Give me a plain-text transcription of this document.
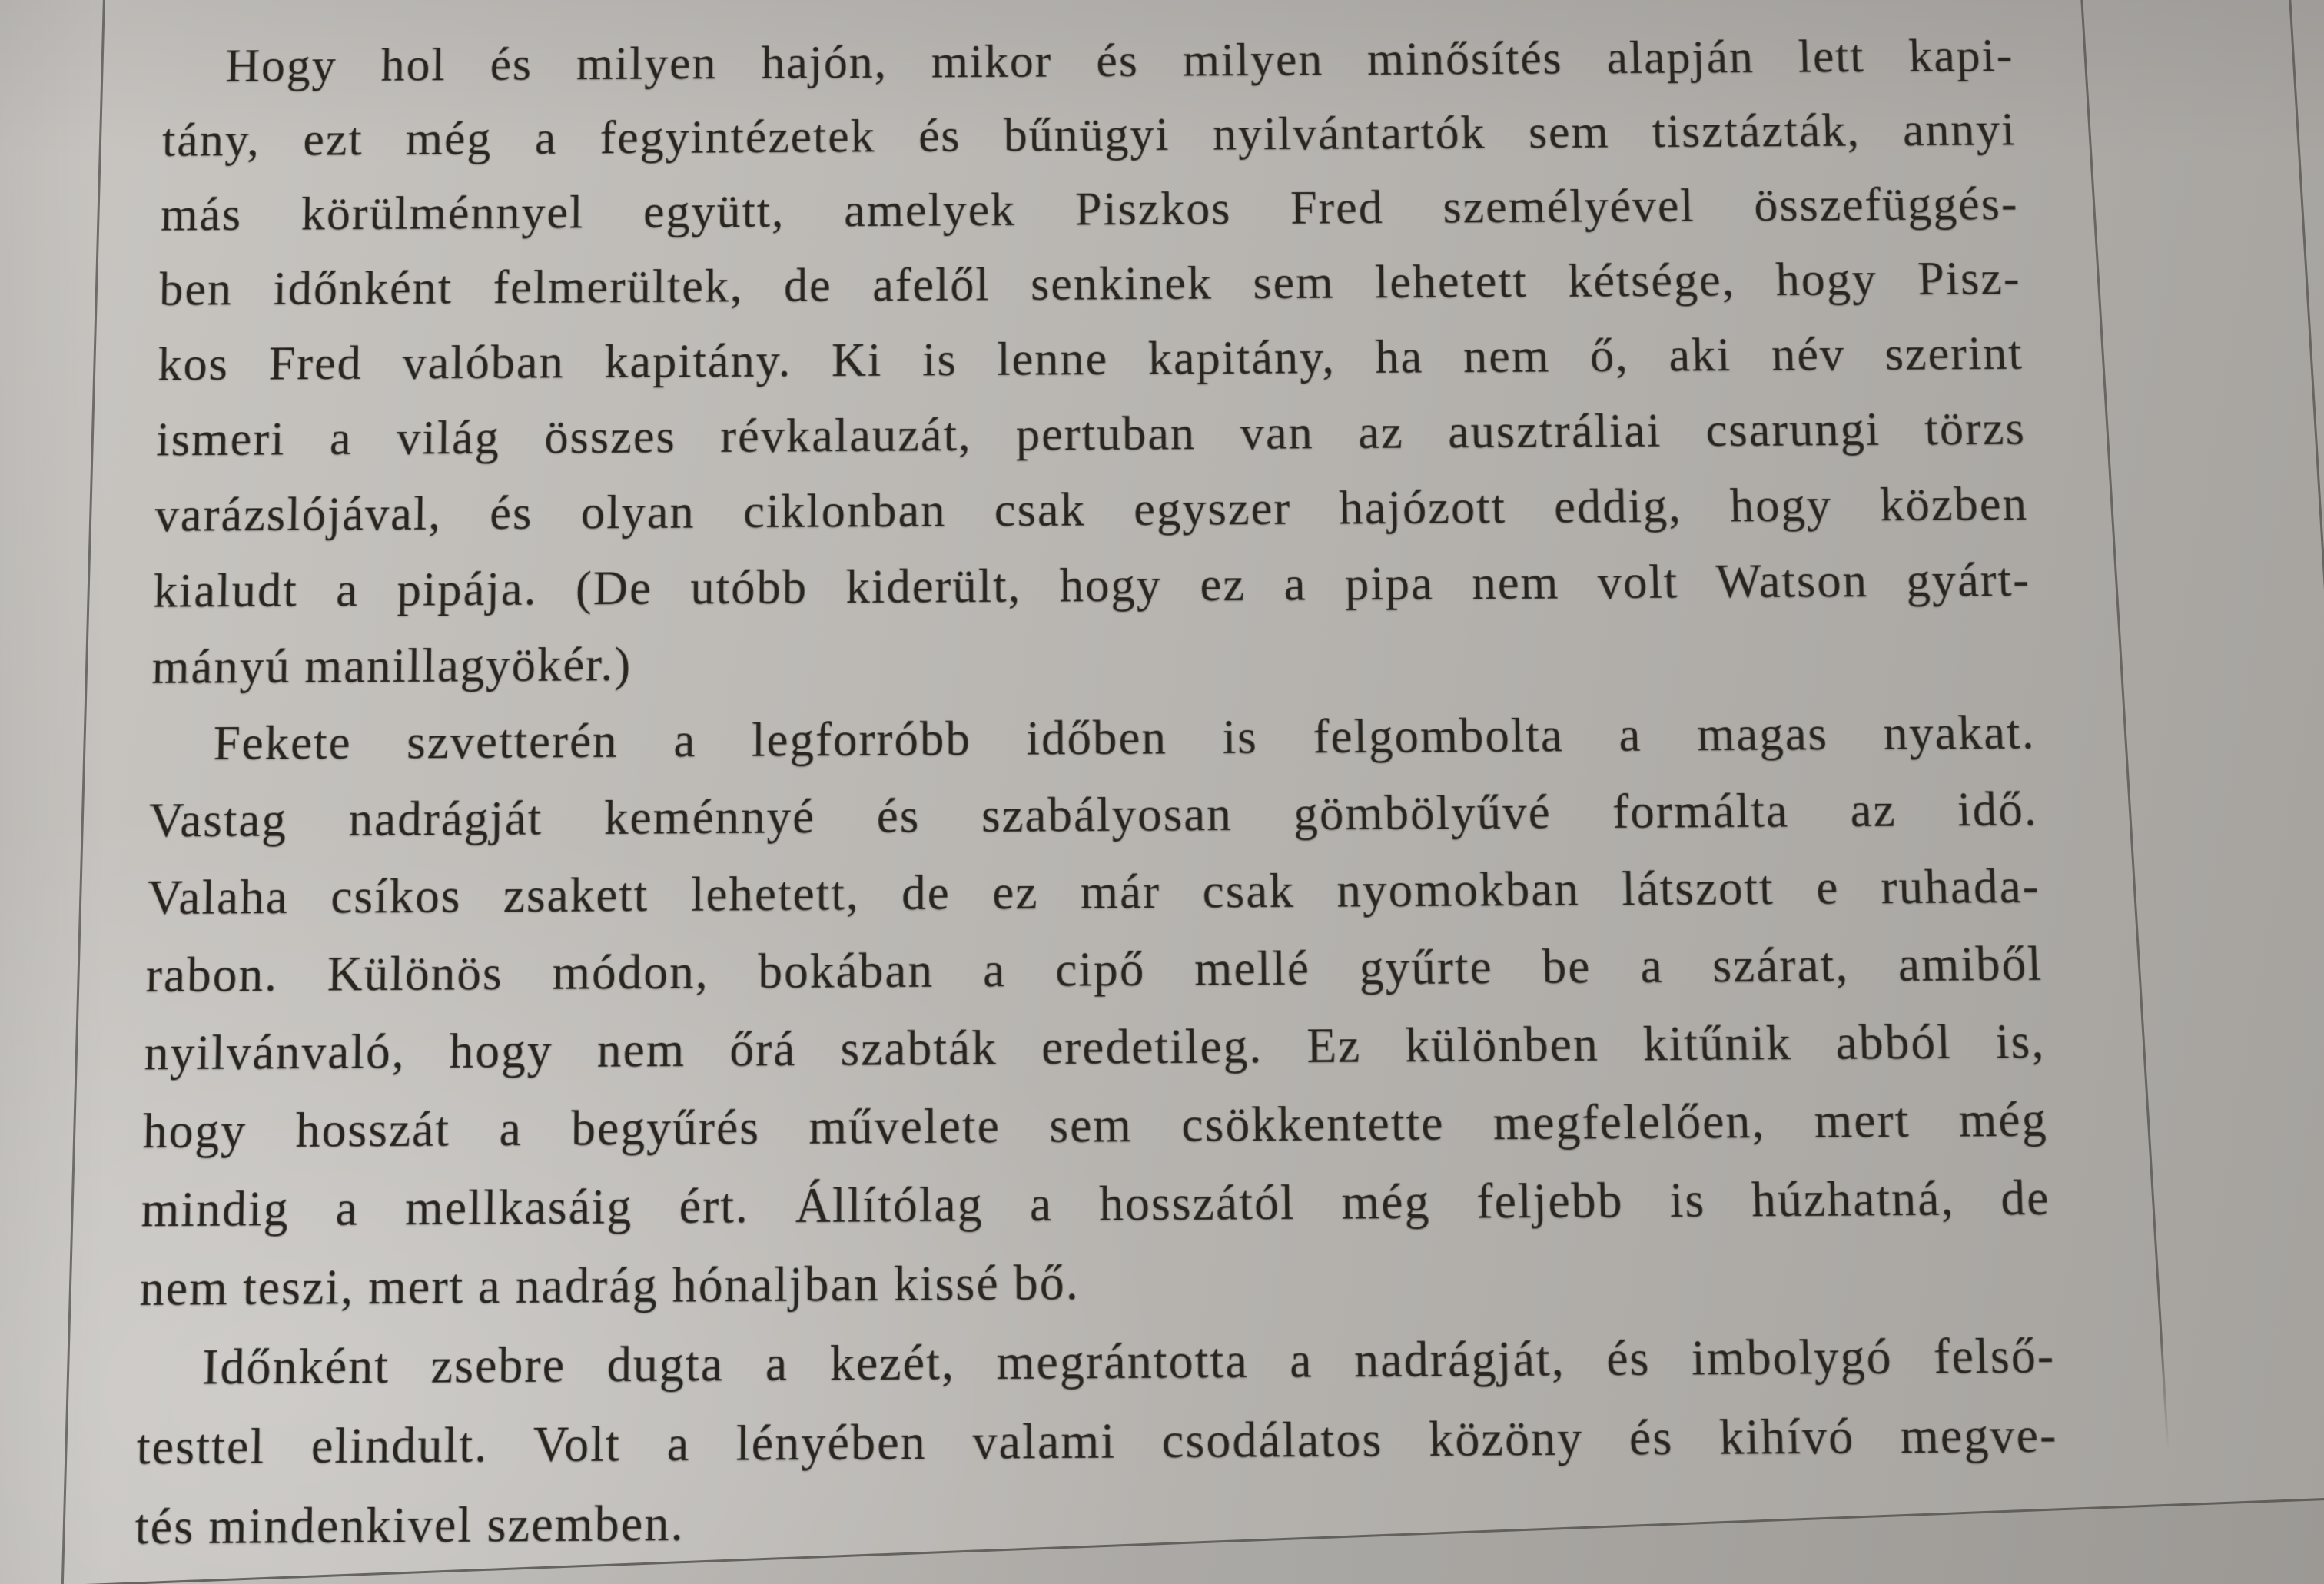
Hogy hol és milyen hajón, mikor és milyen minősítés alapján lett kapi-
tány, ezt még a fegyintézetek és bűnügyi nyilvántartók sem tisztázták, annyi
más körülménnyel együtt, amelyek Piszkos Fred személyével összefüggés-
ben időnként felmerültek, de afelől senkinek sem lehetett kétsége, hogy Pisz-
kos Fred valóban kapitány. Ki is lenne kapitány, ha nem ő, aki név szerint
ismeri a világ összes révkalauzát, pertuban van az ausztráliai csarungi törzs
varázslójával, és olyan ciklonban csak egyszer hajózott eddig, hogy közben
kialudt a pipája. (De utóbb kiderült, hogy ez a pipa nem volt Watson gyárt-
mányú manillagyökér.)
Fekete szvetterén a legforróbb időben is felgombolta a magas nyakat.
Vastag nadrágját keménnyé és szabályosan gömbölyűvé formálta az idő.
Valaha csíkos zsakett lehetett, de ez már csak nyomokban látszott e ruhada-
rabon. Különös módon, bokában a cipő mellé gyűrte be a szárat, amiből
nyilvánvaló, hogy nem őrá szabták eredetileg. Ez különben kitűnik abból is,
hogy hosszát a begyűrés művelete sem csökkentette megfelelően, mert még
mindig a mellkasáig ért. Állítólag a hosszától még feljebb is húzhatná, de
nem teszi, mert a nadrág hónaljban kissé bő.
Időnként zsebre dugta a kezét, megrántotta a nadrágját, és imbolygó felső-
testtel elindult. Volt a lényében valami csodálatos közöny és kihívó megve-
tés mindenkivel szemben.
